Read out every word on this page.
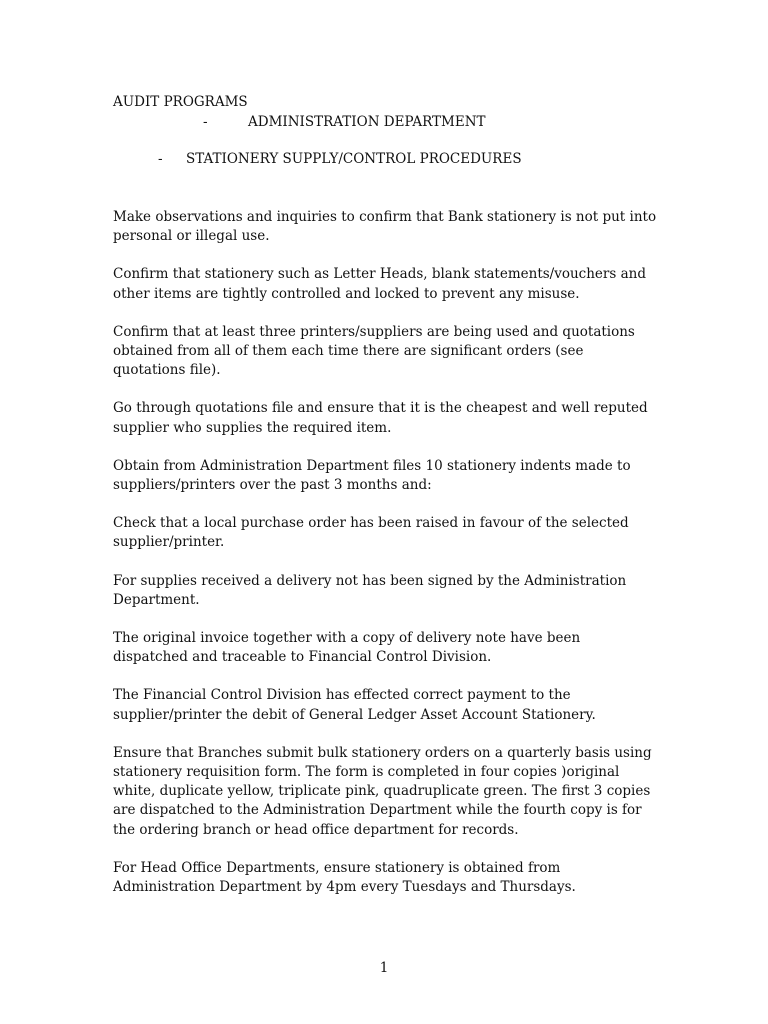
AUDIT PROGRAMS
-	ADMINISTRATION DEPARTMENT
- STATIONERY SUPPLY/CONTROL PROCEDURES

Make observations and inquiries to confirm that Bank stationery is not put into personal or illegal use.

Confirm that stationery such as Letter Heads, blank statements/vouchers and other items are tightly controlled and locked to prevent any misuse.

Confirm that at least three printers/suppliers are being used and quotations obtained from all of them each time there are significant orders (see quotations file).

Go through quotations file and ensure that it is the cheapest and well reputed supplier who supplies the required item.

Obtain from Administration Department files 10 stationery indents made to suppliers/printers over the past 3 months and:

Check that a local purchase order has been raised in favour of the selected supplier/printer.

For supplies received a delivery not has been signed by the Administration Department.

The original invoice together with a copy of delivery note have been dispatched and traceable to Financial Control Division.

The Financial Control Division has effected correct payment to the supplier/printer the debit of General Ledger Asset Account Stationery.

Ensure that Branches submit bulk stationery orders on a quarterly basis using stationery requisition form. The form is completed in four copies )original white, duplicate yellow, triplicate pink, quadruplicate green. The first 3 copies are dispatched to the Administration Department while the fourth copy is for the ordering branch or head office department for records.

For Head Office Departments, ensure stationery is obtained from Administration Department by 4pm every Tuesdays and Thursdays.

1
